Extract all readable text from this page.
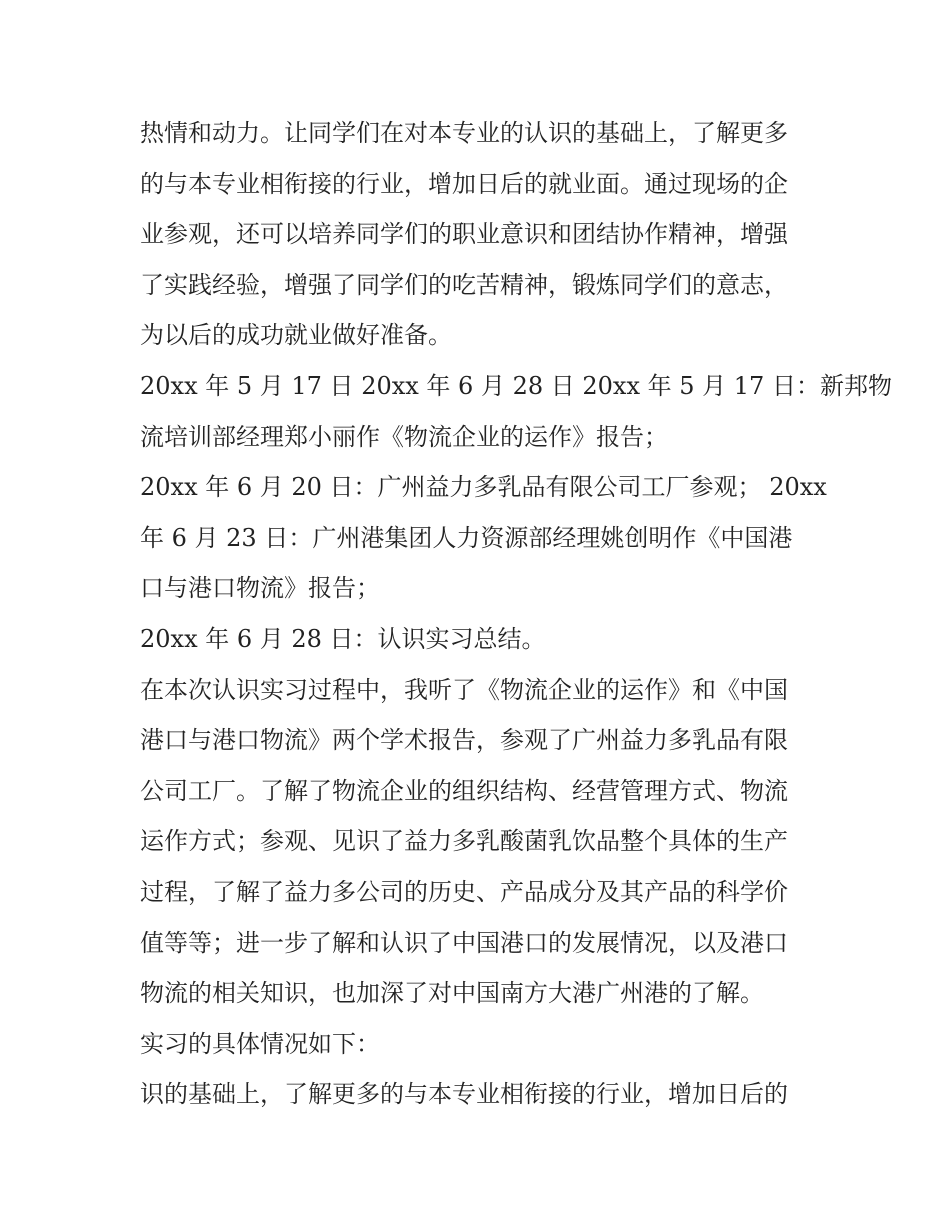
热情和动力。让同学们在对本专业的认识的基础上，了解更多
的与本专业相衔接的行业，增加日后的就业面。通过现场的企
业参观，还可以培养同学们的职业意识和团结协作精神，增强
了实践经验，增强了同学们的吃苦精神，锻炼同学们的意志，
为以后的成功就业做好准备。
20xx 年 5 月 17 日 20xx 年 6 月 28 日 20xx 年 5 月 17 日：新邦物
流培训部经理郑小丽作《物流企业的运作》报告；
20xx 年 6 月 20 日：广州益力多乳品有限公司工厂参观； 20xx
年 6 月 23 日：广州港集团人力资源部经理姚创明作《中国港
口与港口物流》报告；
20xx 年 6 月 28 日：认识实习总结。
在本次认识实习过程中，我听了《物流企业的运作》和《中国
港口与港口物流》两个学术报告，参观了广州益力多乳品有限
公司工厂。了解了物流企业的组织结构、经营管理方式、物流
运作方式；参观、见识了益力多乳酸菌乳饮品整个具体的生产
过程，了解了益力多公司的历史、产品成分及其产品的科学价
值等等；进一步了解和认识了中国港口的发展情况，以及港口
物流的相关知识，也加深了对中国南方大港广州港的了解。
实习的具体情况如下：
识的基础上，了解更多的与本专业相衔接的行业，增加日后的
